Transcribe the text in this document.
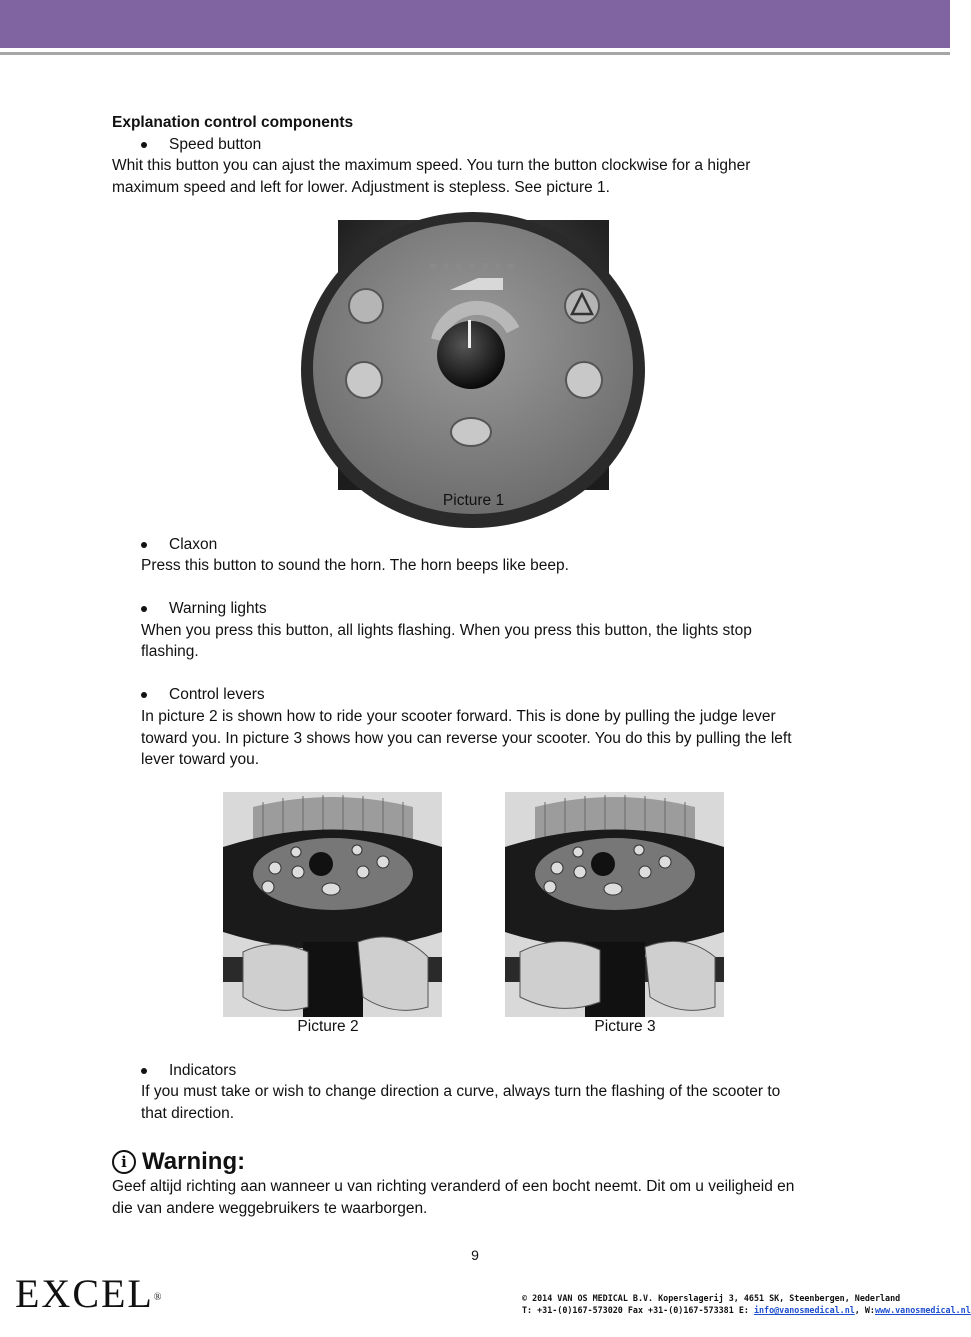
Explanation control components
Speed button
Whit this button you can ajust the maximum speed. You turn the button clockwise for a higher
maximum speed and left for lower. Adjustment is stepless. See picture 1.
Picture 1
Claxon
Press this button to sound the horn. The horn beeps like beep.
Warning lights
When you press this button, all lights flashing. When you press this button, the lights stop
flashing.
Control levers
In picture 2 is shown how to ride your scooter forward. This is done by pulling the judge lever
toward you. In picture 3 shows how you can reverse your scooter. You do this by pulling the left
lever toward you.
Picture 2	Picture 3
Indicators
If you must take or wish to change direction a curve, always turn the flashing of the scooter to
that direction.
i Warning:
Geef altijd richting aan wanneer u van richting veranderd of een bocht neemt. Dit om u veiligheid en
die van andere weggebruikers te waarborgen.
9
EXCEL®	© 2014 VAN OS MEDICAL B.V. Koperslagerij 3, 4651 SK, Steenbergen, Nederland
T: +31-(0)167-573020 Fax +31-(0)167-573381 E: info@vanosmedical.nl, W:www.vanosmedical.nl
